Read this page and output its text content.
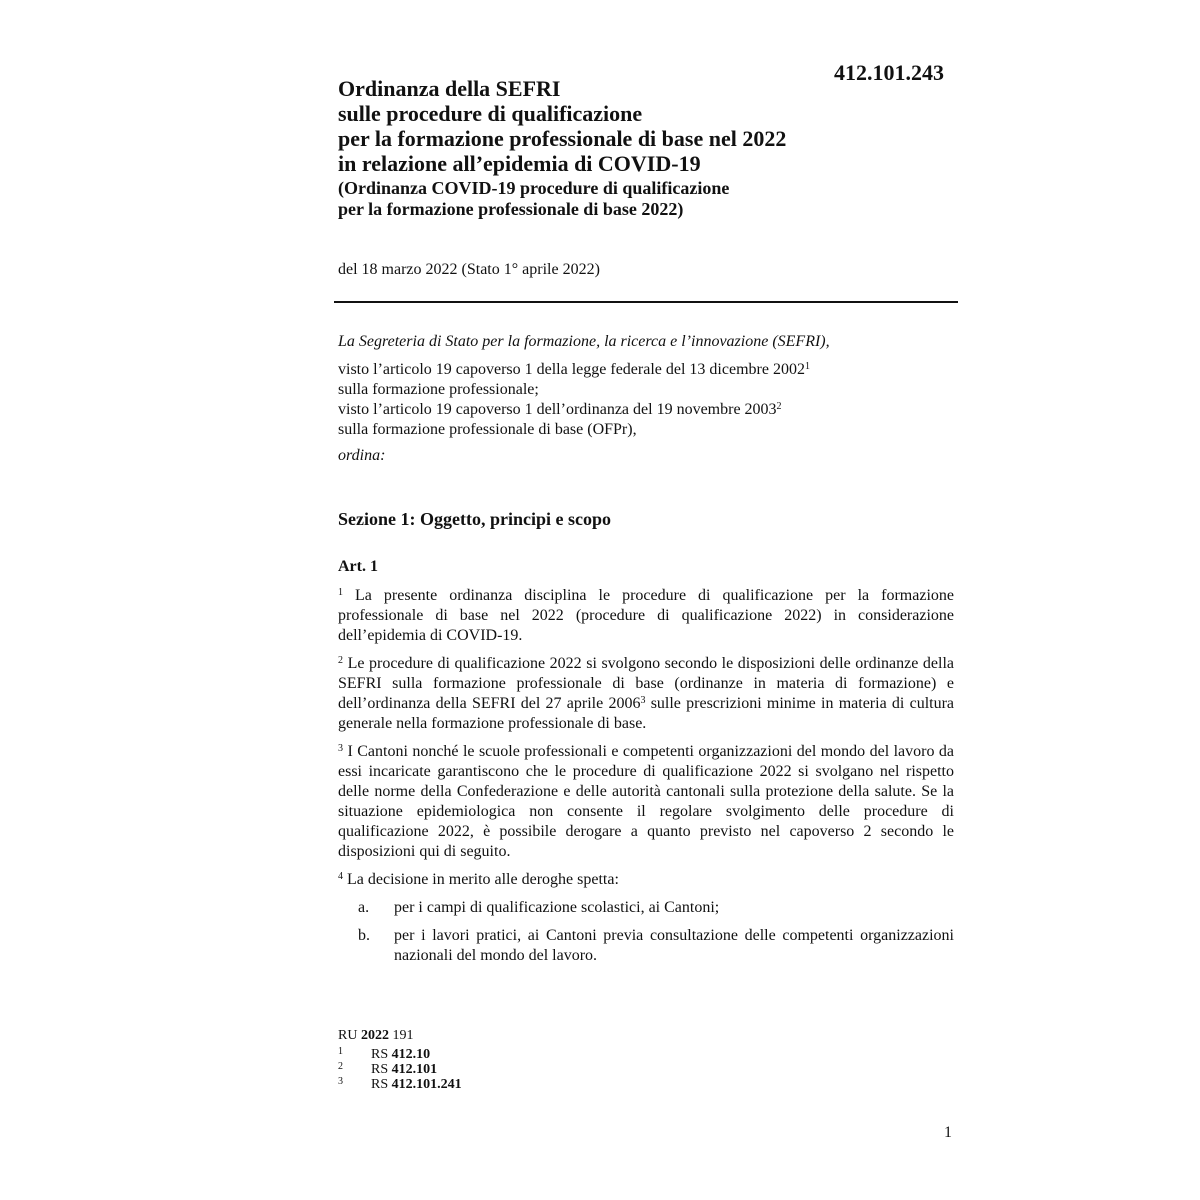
412.101.243
Ordinanza della SEFRI
sulle procedure di qualificazione
per la formazione professionale di base nel 2022
in relazione all’epidemia di COVID-19
(Ordinanza COVID-19 procedure di qualificazione
per la formazione professionale di base 2022)
del 18 marzo 2022 (Stato 1° aprile 2022)
La Segreteria di Stato per la formazione, la ricerca e l’innovazione (SEFRI),
visto l’articolo 19 capoverso 1 della legge federale del 13 dicembre 2002$^1$
sulla formazione professionale;
visto l’articolo 19 capoverso 1 dell’ordinanza del 19 novembre 2003$^2$
sulla formazione professionale di base (OFPr),
ordina:
Sezione 1: Oggetto, principi e scopo
Art. 1

$^1$ La presente ordinanza disciplina le procedure di qualificazione per la formazione professionale di base nel 2022 (procedure di qualificazione 2022) in considerazione dell’epidemia di COVID-19.

$^2$ Le procedure di qualificazione 2022 si svolgono secondo le disposizioni delle ordinanze della SEFRI sulla formazione professionale di base (ordinanze in materia di formazione) e dell’ordinanza della SEFRI del 27 aprile 2006$^3$ sulle prescrizioni minime in materia di cultura generale nella formazione professionale di base.

$^3$ I Cantoni nonché le scuole professionali e competenti organizzazioni del mondo del lavoro da essi incaricate garantiscono che le procedure di qualificazione 2022 si svolgano nel rispetto delle norme della Confederazione e delle autorità cantonali sulla protezione della salute. Se la situazione epidemiologica non consente il regolare svolgimento delle procedure di qualificazione 2022, è possibile derogare a quanto previsto nel capoverso 2 secondo le disposizioni qui di seguito.

$^4$ La decisione in merito alle deroghe spetta:

a. per i campi di qualificazione scolastici, ai Cantoni;
b. per i lavori pratici, ai Cantoni previa consultazione delle competenti organizzazioni nazionali del mondo del lavoro.
RU 2022 191
1 RS 412.10
2 RS 412.101
3 RS 412.101.241
1
